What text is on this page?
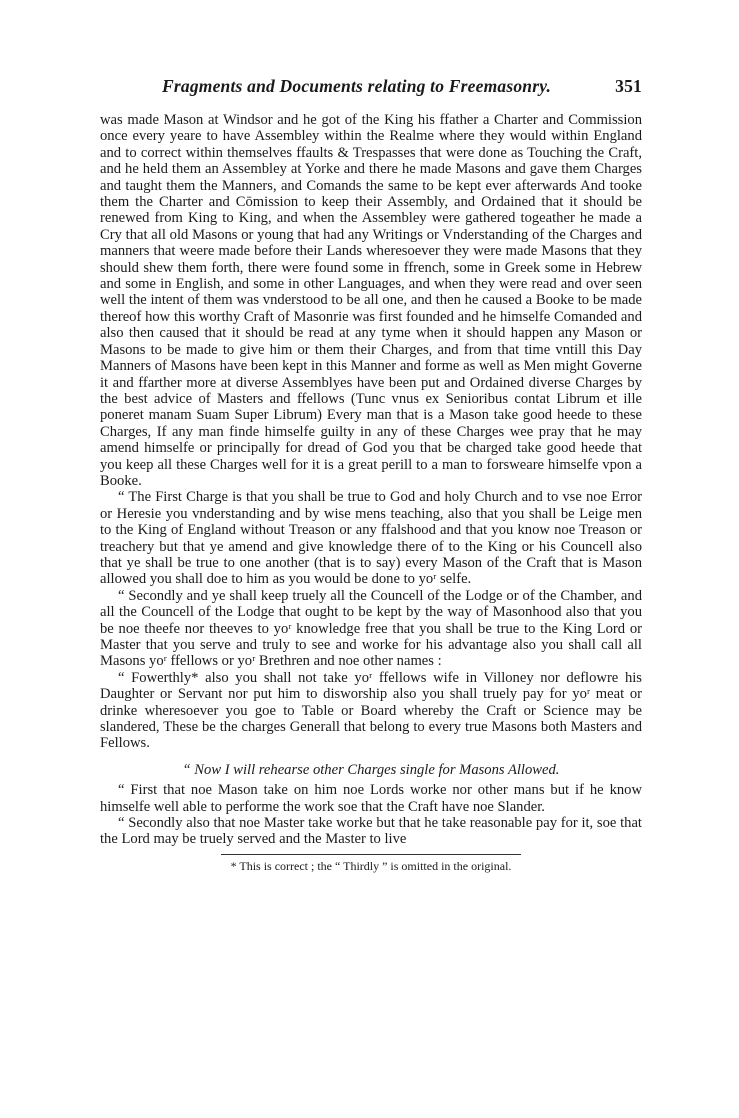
Fragments and Documents relating to Freemasonry.	351

was made Mason at Windsor and he got of the King his ffather a Charter and Commission once every yeare to have Assembley within the Realme where they would within England and to correct within themselves ffaults & Trespasses that were done as Touching the Craft, and he held them an Assembley at Yorke and there he made Masons and gave them Charges and taught them the Manners, and Comands the same to be kept ever afterwards And tooke them the Charter and Cōmission to keep their Assembly, and Ordained that it should be renewed from King to King, and when the Assembley were gathered togeather he made a Cry that all old Masons or young that had any Writings or Vnderstanding of the Charges and manners that weere made before their Lands wheresoever they were made Masons that they should shew them forth, there were found some in ffrench, some in Greek some in Hebrew and some in English, and some in other Languages, and when they were read and over seen well the intent of them was vnderstood to be all one, and then he caused a Booke to be made thereof how this worthy Craft of Masonrie was first founded and he himselfe Comanded and also then caused that it should be read at any tyme when it should happen any Mason or Masons to be made to give him or them their Charges, and from that time vntill this Day Manners of Masons have been kept in this Manner and forme as well as Men might Governe it and ffarther more at diverse Assemblyes have been put and Ordained diverse Charges by the best advice of Masters and ffellows (Tunc vnus ex Senioribus contat Librum et ille poneret manam Suam Super Librum) Every man that is a Mason take good heede to these Charges, If any man finde himselfe guilty in any of these Charges wee pray that he may amend himselfe or principally for dread of God you that be charged take good heede that you keep all these Charges well for it is a great perill to a man to forsweare himselfe vpon a Booke.

“ The First Charge is that you shall be true to God and holy Church and to vse noe Error or Heresie you vnderstanding and by wise mens teaching, also that you shall be Leige men to the King of England without Treason or any ffalshood and that you know noe Treason or treachery but that ye amend and give knowledge there of to the King or his Councell also that ye shall be true to one another (that is to say) every Mason of the Craft that is Mason allowed you shall doe to him as you would be done to yoʳ selfe.

“ Secondly and ye shall keep truely all the Councell of the Lodge or of the Chamber, and all the Councell of the Lodge that ought to be kept by the way of Masonhood also that you be noe theefe nor theeves to yoʳ knowledge free that you shall be true to the King Lord or Master that you serve and truly to see and worke for his advantage also you shall call all Masons yoʳ ffellows or yoʳ Brethren and noe other names :

“ Fowerthly* also you shall not take yoʳ ffellows wife in Villoney nor deflowre his Daughter or Servant nor put him to disworship also you shall truely pay for yoʳ meat or drinke wheresoever you goe to Table or Board whereby the Craft or Science may be slandered, These be the charges Generall that belong to every true Masons both Masters and Fellows.

“ Now I will rehearse other Charges single for Masons Allowed.

“ First that noe Mason take on him noe Lords worke nor other mans but if he know himselfe well able to performe the work soe that the Craft have noe Slander.

“ Secondly also that noe Master take worke but that he take reasonable pay for it, soe that the Lord may be truely served and the Master to live

* This is correct ; the “ Thirdly ” is omitted in the original.
